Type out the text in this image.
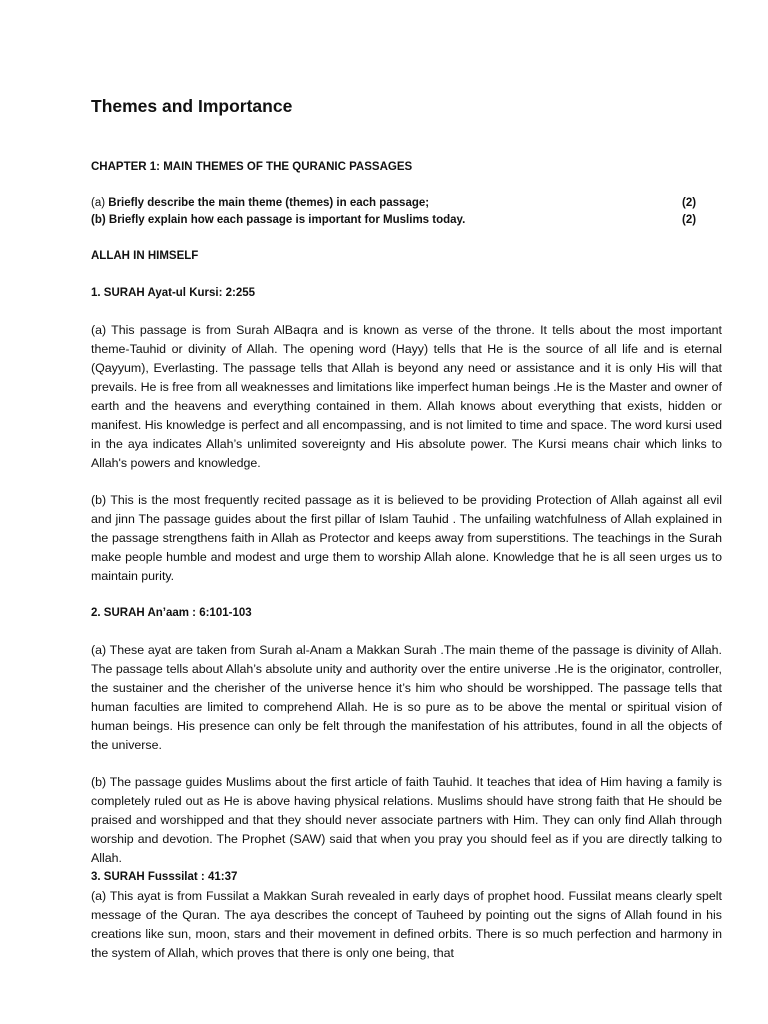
Themes and Importance

CHAPTER 1: MAIN THEMES OF THE QURANIC PASSAGES

(a) Briefly describe the main theme (themes) in each passage;	(2)
(b) Briefly explain how each passage is important for Muslims today.	(2)

ALLAH IN HIMSELF

1. SURAH Ayat-ul Kursi: 2:255

(a) This passage is from Surah AlBaqra and is known as verse of the throne. It tells about the most important theme-Tauhid or divinity of Allah. The opening word (Hayy) tells that He is the source of all life and is eternal (Qayyum), Everlasting. The passage tells that Allah is beyond any need or assistance and it is only His will that prevails. He is free from all weaknesses and limitations like imperfect human beings .He is the Master and owner of earth and the heavens and everything contained in them. Allah knows about everything that exists, hidden or manifest. His knowledge is perfect and all encompassing, and is not limited to time and space. The word kursi used in the aya indicates Allah’s unlimited sovereignty and His absolute power. The Kursi means chair which links to Allah's powers and knowledge.

(b) This is the most frequently recited passage as it is believed to be providing Protection of Allah against all evil and jinn The passage guides about the first pillar of Islam Tauhid . The unfailing watchfulness of Allah explained in the passage strengthens faith in Allah as Protector and keeps away from superstitions. The teachings in the Surah make people humble and modest and urge them to worship Allah alone. Knowledge that he is all seen urges us to maintain purity.

2. SURAH An’aam : 6:101-103

(a) These ayat are taken from Surah al-Anam a Makkan Surah .The main theme of the passage is divinity of Allah. The passage tells about Allah’s absolute unity and authority over the entire universe .He is the originator, controller, the sustainer and the cherisher of the universe hence it’s him who should be worshipped. The passage tells that human faculties are limited to comprehend Allah. He is so pure as to be above the mental or spiritual vision of human beings. His presence can only be felt through the manifestation of his attributes, found in all the objects of the universe.

(b) The passage guides Muslims about the first article of faith Tauhid. It teaches that idea of Him having a family is completely ruled out as He is above having physical relations. Muslims should have strong faith that He should be praised and worshipped and that they should never associate partners with Him. They can only find Allah through worship and devotion. The Prophet (SAW) said that when you pray you should feel as if you are directly talking to Allah.

3. SURAH Fusssilat : 41:37

(a) This ayat is from Fussilat a Makkan Surah revealed in early days of prophet hood. Fussilat means clearly spelt message of the Quran. The aya describes the concept of Tauheed by pointing out the signs of Allah found in his creations like sun, moon, stars and their movement in defined orbits. There is so much perfection and harmony in the system of Allah, which proves that there is only one being, that
